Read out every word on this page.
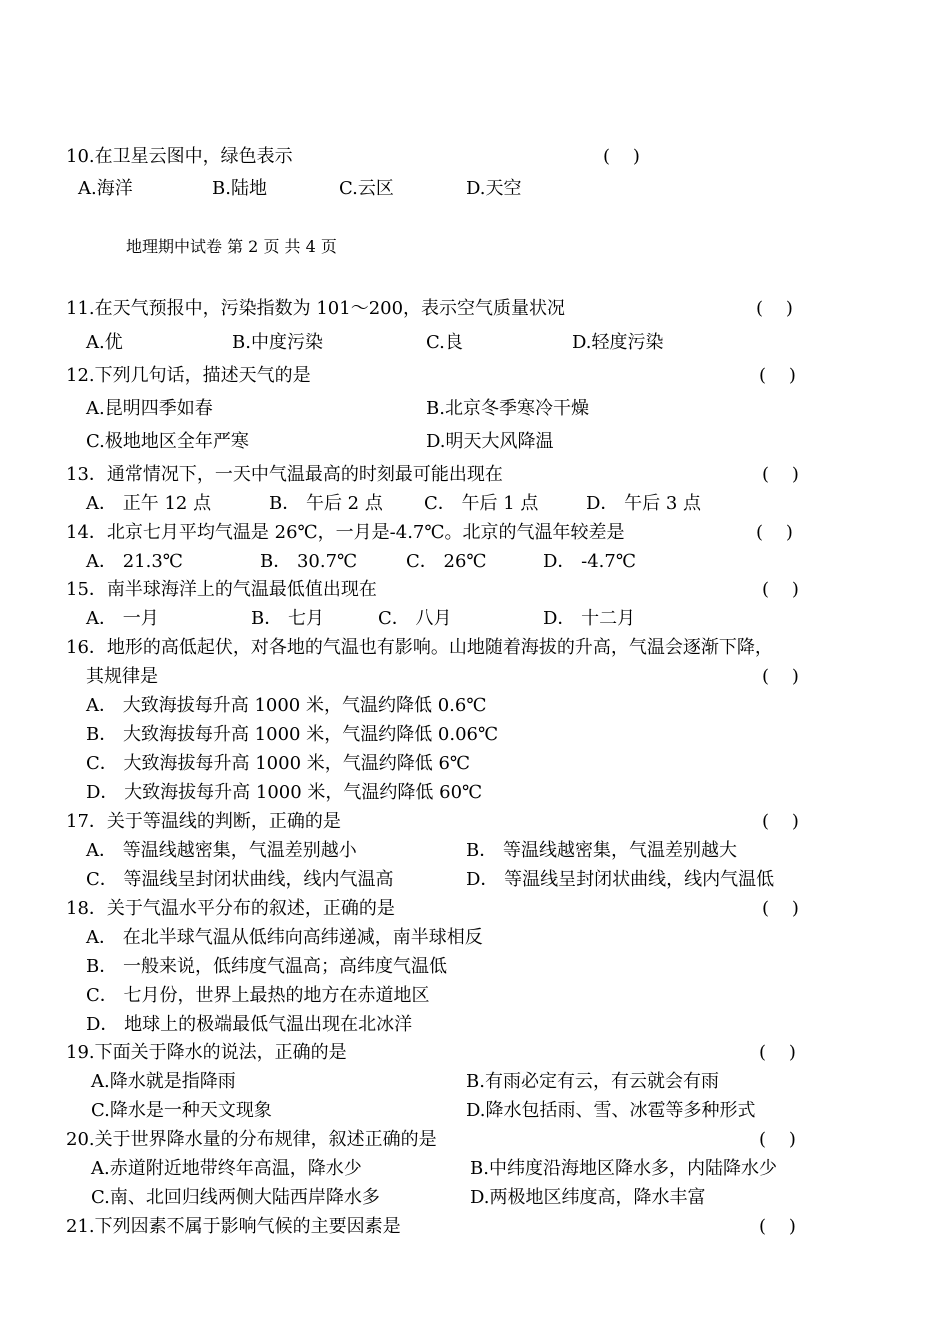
10.在卫星云图中，绿色表示	(    )
A.海洋	B.陆地	C.云区	D.天空
地理期中试卷 第 2 页 共 4 页
11.在天气预报中，污染指数为 101～200，表示空气质量状况	(    )
A.优	B.中度污染	C.良	D.轻度污染
12.下列几句话，描述天气的是	(    )
A.昆明四季如春	B.北京冬季寒冷干燥
C.极地地区全年严寒	D.明天大风降温
13．通常情况下，一天中气温最高的时刻最可能出现在	(    )
A． 正午 12 点	B． 午后 2 点 C． 午后 1 点	D． 午后 3 点
14．北京七月平均气温是 26℃，一月是-4.7℃。北京的气温年较差是	(    )
A． 21.3℃	B． 30.7℃	C． 26℃	D． -4.7℃
15．南半球海洋上的气温最低值出现在	(    )
A． 一月	B． 七月	C． 八月	D． 十二月
16．地形的高低起伏，对各地的气温也有影响。山地随着海拔的升高，气温会逐渐下降，
其规律是	(    )
A． 大致海拔每升高 1000 米，气温约降低 0.6℃
B． 大致海拔每升高 1000 米，气温约降低 0.06℃
C． 大致海拔每升高 1000 米，气温约降低 6℃
D． 大致海拔每升高 1000 米，气温约降低 60℃
17．关于等温线的判断，正确的是	(    )
A． 等温线越密集，气温差别越小	B． 等温线越密集，气温差别越大
C． 等温线呈封闭状曲线，线内气温高	D． 等温线呈封闭状曲线，线内气温低
18．关于气温水平分布的叙述，正确的是	(    )
A． 在北半球气温从低纬向高纬递减，南半球相反
B． 一般来说，低纬度气温高；高纬度气温低
C． 七月份，世界上最热的地方在赤道地区
D． 地球上的极端最低气温出现在北冰洋
19.下面关于降水的说法，正确的是	(    )
A.降水就是指降雨	B.有雨必定有云，有云就会有雨
C.降水是一种天文现象	D.降水包括雨、雪、冰雹等多种形式
20.关于世界降水量的分布规律，叙述正确的是	(    )
A.赤道附近地带终年高温，降水少	B.中纬度沿海地区降水多，内陆降水少
C.南、北回归线两侧大陆西岸降水多	D.两极地区纬度高，降水丰富
21.下列因素不属于影响气候的主要因素是	(    )
